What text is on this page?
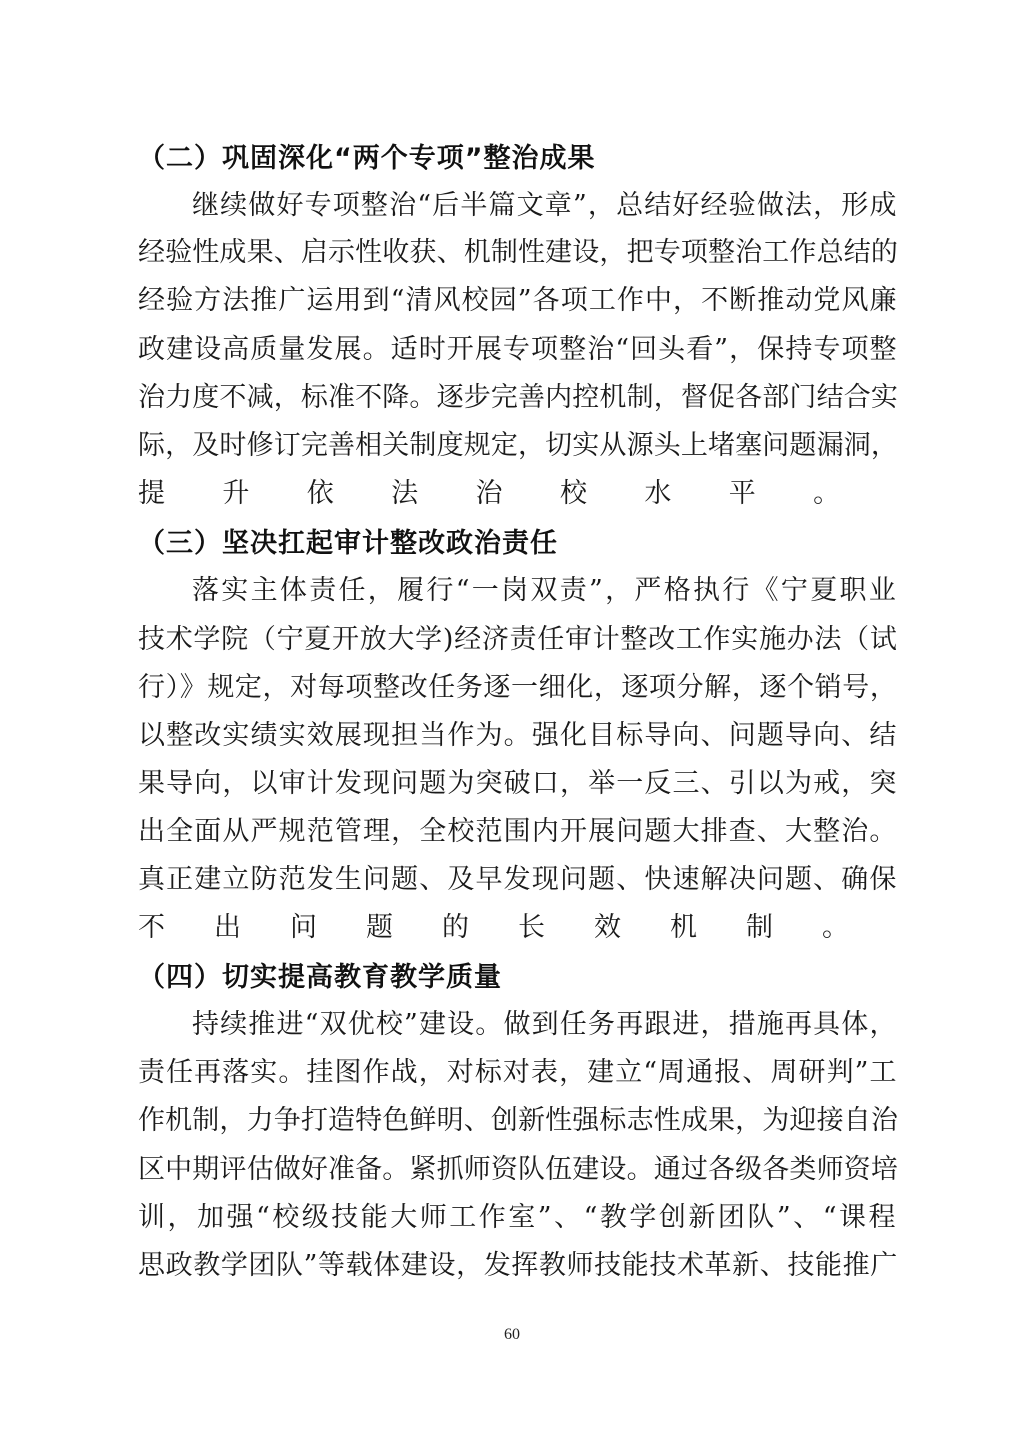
（二）巩固深化“两个专项”整治成果
继续做好专项整治“后半篇文章”，总结好经验做法，形成
经验性成果、启示性收获、机制性建设，把专项整治工作总结的
经验方法推广运用到“清风校园”各项工作中，不断推动党风廉
政建设高质量发展。适时开展专项整治“回头看”，保持专项整
治力度不减，标准不降。逐步完善内控机制，督促各部门结合实
际，及时修订完善相关制度规定，切实从源头上堵塞问题漏洞，
提升依法治校水平。
（三）坚决扛起审计整改政治责任
落实主体责任，履行“一岗双责”，严格执行《宁夏职业
技术学院（宁夏开放大学)经济责任审计整改工作实施办法（试
行）》规定，对每项整改任务逐一细化，逐项分解，逐个销号，
以整改实绩实效展现担当作为。强化目标导向、问题导向、结
果导向，以审计发现问题为突破口，举一反三、引以为戒，突
出全面从严规范管理，全校范围内开展问题大排查、大整治。
真正建立防范发生问题、及早发现问题、快速解决问题、确保
不出问题的长效机制。
（四）切实提高教育教学质量
持续推进“双优校”建设。做到任务再跟进，措施再具体，
责任再落实。挂图作战，对标对表，建立“周通报、周研判”工
作机制，力争打造特色鲜明、创新性强标志性成果，为迎接自治
区中期评估做好准备。紧抓师资队伍建设。通过各级各类师资培
训，加强“校级技能大师工作室”、“教学创新团队”、“课程
思政教学团队”等载体建设，发挥教师技能技术革新、技能推广
60
